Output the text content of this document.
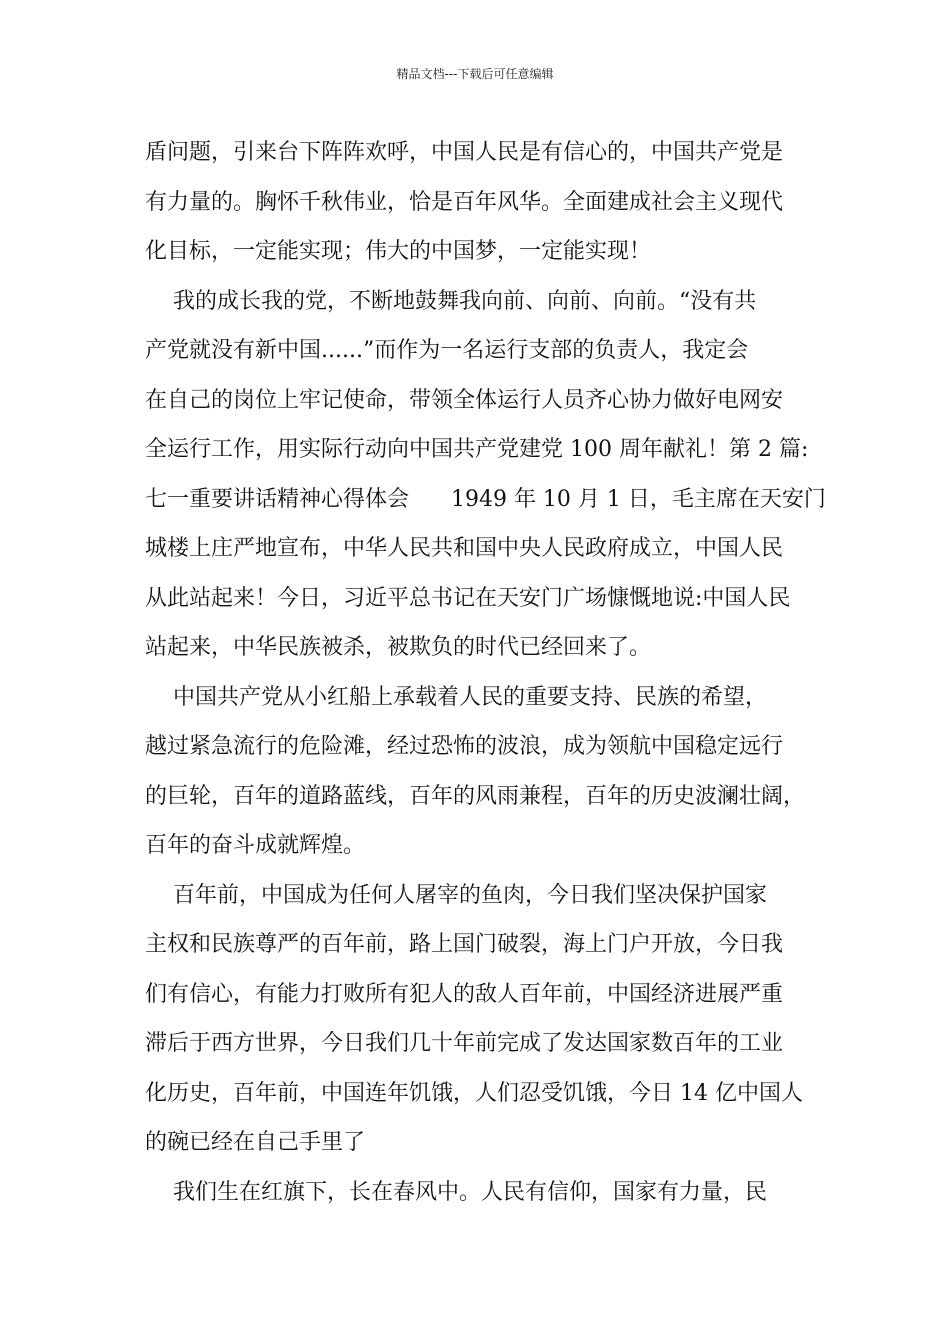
精品文档---下载后可任意编辑
盾问题，引来台下阵阵欢呼，中国人民是有信心的，中国共产党是
有力量的。胸怀千秋伟业，恰是百年风华。全面建成社会主义现代
化目标，一定能实现；伟大的中国梦，一定能实现！
我的成长我的党，不断地鼓舞我向前、向前、向前。“没有共
产党就没有新中国......”而作为一名运行支部的负责人，我定会
在自己的岗位上牢记使命，带领全体运行人员齐心协力做好电网安
全运行工作，用实际行动向中国共产党建党 100 周年献礼！第 2 篇:
七一重要讲话精神心得体会      1949 年 10 月 1 日，毛主席在天安门
城楼上庄严地宣布，中华人民共和国中央人民政府成立，中国人民
从此站起来！今日，习近平总书记在天安门广场慷慨地说:中国人民
站起来，中华民族被杀，被欺负的时代已经回来了。
中国共产党从小红船上承载着人民的重要支持、民族的希望，
越过紧急流行的危险滩，经过恐怖的波浪，成为领航中国稳定远行
的巨轮，百年的道路蓝线，百年的风雨兼程，百年的历史波澜壮阔，
百年的奋斗成就辉煌。
百年前，中国成为任何人屠宰的鱼肉，今日我们坚决保护国家
主权和民族尊严的百年前，路上国门破裂，海上门户开放，今日我
们有信心，有能力打败所有犯人的敌人百年前，中国经济进展严重
滞后于西方世界，今日我们几十年前完成了发达国家数百年的工业
化历史，百年前，中国连年饥饿，人们忍受饥饿，今日 14 亿中国人
的碗已经在自己手里了
我们生在红旗下，长在春风中。人民有信仰，国家有力量，民
